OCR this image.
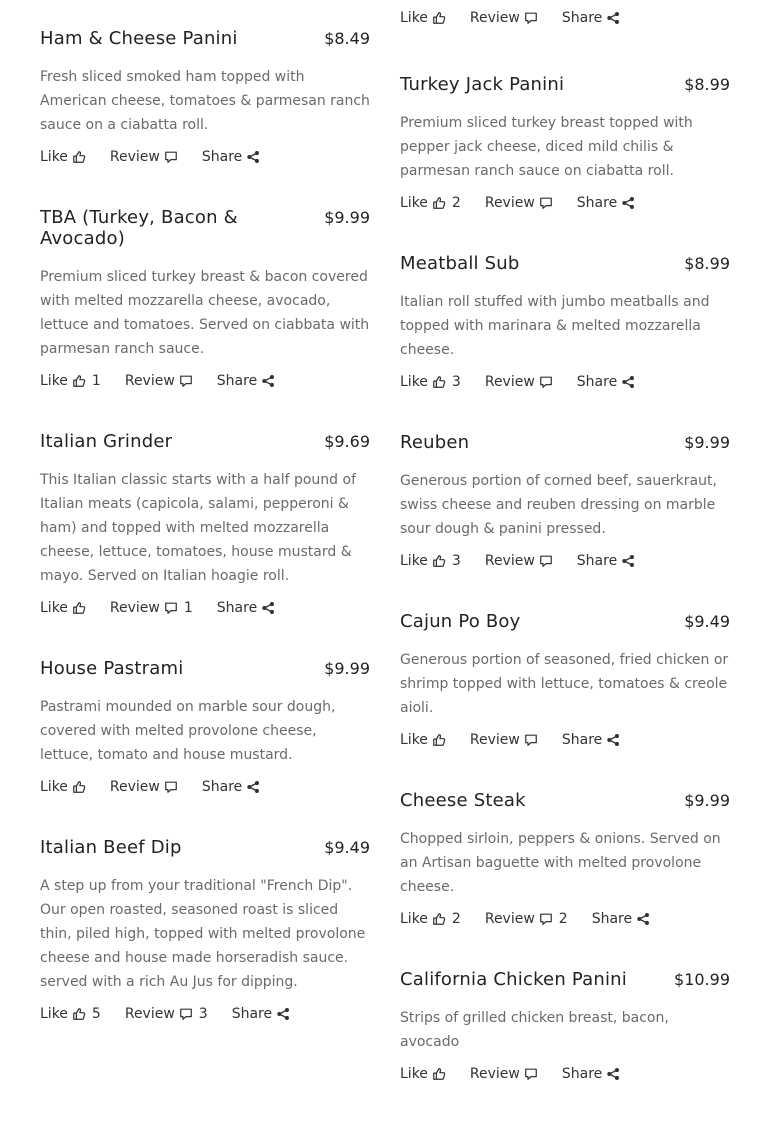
Ham & Cheese Panini	$8.49
Fresh sliced smoked ham topped with American cheese, tomatoes & parmesan ranch sauce on a ciabatta roll.
Like	Review	Share
TBA (Turkey, Bacon & Avocado)
$9.99
Premium sliced turkey breast & bacon covered with melted mozzarella cheese, avocado, lettuce and tomatoes. Served on ciabbata with parmesan ranch sauce.
Like 1 Review	Share
Italian Grinder	$9.69
This Italian classic starts with a half pound of Italian meats (capicola, salami, pepperoni & ham) and topped with melted mozzarella cheese, lettuce, tomatoes, house mustard & mayo. Served on Italian hoagie roll.
Like	Review 1 Share
House Pastrami	$9.99
Pastrami mounded on marble sour dough, covered with melted provolone cheese, lettuce, tomato and house mustard.
Like	Review	Share
Italian Beef Dip	$9.49
A step up from your traditional "French Dip". Our open roasted, seasoned roast is sliced thin, piled high, topped with melted provolone cheese and house made horseradish sauce. served with a rich Au Jus for dipping.
Like 5 Review 3 Share
Like	Review	Share
Turkey Jack Panini	$8.99
Premium sliced turkey breast topped with pepper jack cheese, diced mild chilis & parmesan ranch sauce on ciabatta roll.
Like 2 Review	Share
Meatball Sub	$8.99
Italian roll stuffed with jumbo meatballs and topped with marinara & melted mozzarella cheese.
Like 3 Review	Share
Reuben	$9.99
Generous portion of corned beef, sauerkraut, swiss cheese and reuben dressing on marble sour dough & panini pressed.
Like 3 Review	Share
Cajun Po Boy	$9.49
Generous portion of seasoned, fried chicken or shrimp topped with lettuce, tomatoes & creole aioli.
Like	Review	Share
Cheese Steak	$9.99
Chopped sirloin, peppers & onions. Served on an Artisan baguette with melted provolone cheese.
Like 2 Review 2 Share
California Chicken Panini	$10.99
Strips of grilled chicken breast, bacon, avocado
Like	Review	Share
